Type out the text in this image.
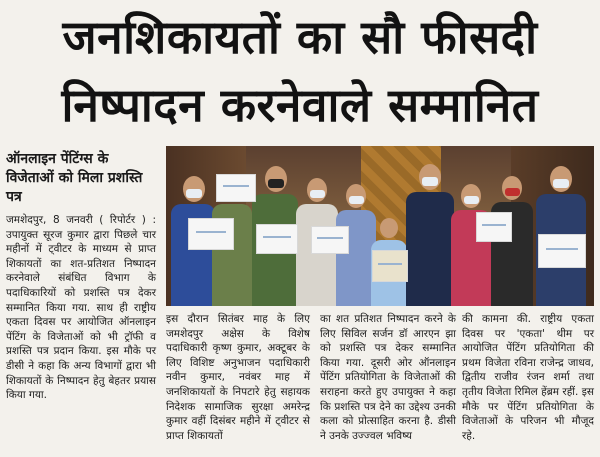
जनशिकायतों का सौ फीसदी
निष्पादन करनेवाले सम्मानित
ऑनलाइन पेंटिंग्स के विजेताओं को मिला प्रशस्ति पत्र
जमशेदपुर, 8 जनवरी ( रिपोर्टर ) : उपायुक्त सूरज कुमार द्वारा पिछले चार महीनों में ट्वीटर के माध्यम से प्राप्त शिकायतों का शत-प्रतिशत निष्पादन करनेवाले संबंधित विभाग के पदाधिकारियों को प्रशस्ति पत्र देकर सम्मानित किया गया. साथ ही राष्ट्रीय एकता दिवस पर आयोजित ऑनलाइन पेंटिंग के विजेताओं को भी ट्रॉफी व प्रशस्ति पत्र प्रदान किया. इस मौके पर डीसी ने कहा कि अन्य विभागों द्वारा भी शिकायतों के निष्पादन हेतु बेहतर प्रयास किया गया.
इस दौरान सितंबर माह के लिए जमशेदपुर अक्षेस के विशेष पदाधिकारी कृष्ण कुमार, अक्टूबर के लिए विशिष्ट अनुभाजन पदाधिकारी नवीन कुमार, नवंबर माह में जनशिकायतों के निपटारे हेतु सहायक निदेशक सामाजिक सुरक्षा अमरेन्द्र कुमार वहीं दिसंबर महीने में ट्वीटर से प्राप्त शिकायतों
का शत प्रतिशत निष्पादन करने के लिए सिविल सर्जन डॉ आरएन झा को प्रशस्ति पत्र देकर सम्मानित किया गया. दूसरी ओर ऑनलाइन पेंटिंग प्रतियोगिता के विजेताओं की सराहना करते हुए उपायुक्त ने कहा कि प्रशस्ति पत्र देने का उद्देश्य उनकी कला को प्रोत्साहित करना है. डीसी ने उनके उज्ज्वल भविष्य
की कामना की. राष्ट्रीय एकता दिवस पर 'एकता' थीम पर आयोजित पेंटिंग प्रतियोगिता की प्रथम विजेता रविना राजेन्द्र जाधव, द्वितीय राजीव रंजन शर्मा तथा तृतीय विजेता रिमिल हेंब्रम रहीं. इस मौके पर पेंटिंग प्रतियोगिता के विजेताओं के परिजन भी मौजूद रहे.
